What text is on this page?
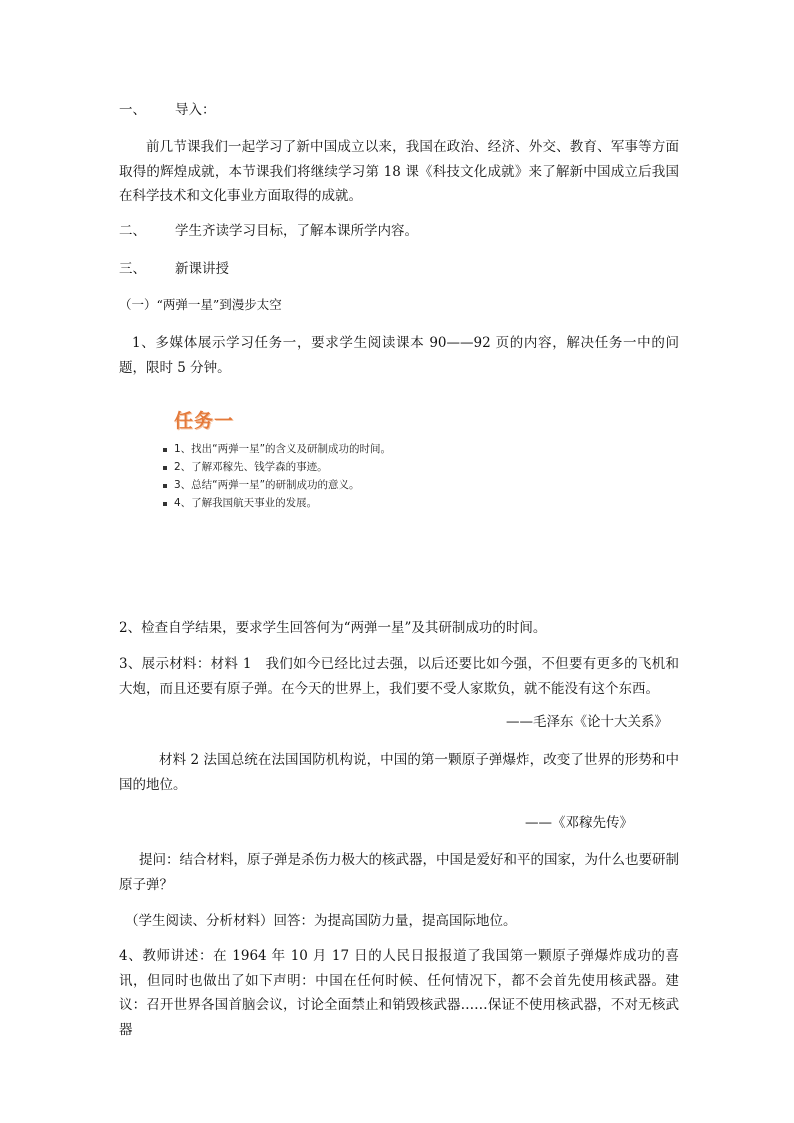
一、 导入：
前几节课我们一起学习了新中国成立以来，我国在政治、经济、外交、教育、军事等方面取得的辉煌成就，本节课我们将继续学习第 18 课《科技文化成就》来了解新中国成立后我国在科学技术和文化事业方面取得的成就。
二、 学生齐读学习目标，了解本课所学内容。
三、 新课讲授
（一）“两弹一星”到漫步太空
1、多媒体展示学习任务一，要求学生阅读课本 90——92 页的内容，解决任务一中的问题，限时 5 分钟。
任务一
1、找出“两弹一星”的含义及研制成功的时间。
2、了解邓稼先、钱学森的事迹。
3、总结“两弹一星”的研制成功的意义。
4、了解我国航天事业的发展。
2、检查自学结果，要求学生回答何为“两弹一星”及其研制成功的时间。
3、展示材料：材料 1　我们如今已经比过去强，以后还要比如今强，不但要有更多的飞机和大炮，而且还要有原子弹。在今天的世界上，我们要不受人家欺负，就不能没有这个东西。
——毛泽东《论十大关系》
材料 2 法国总统在法国国防机构说，中国的第一颗原子弹爆炸，改变了世界的形势和中国的地位。
——《邓稼先传》
提问：结合材料，原子弹是杀伤力极大的核武器，中国是爱好和平的国家，为什么也要研制原子弹？
（学生阅读、分析材料）回答：为提高国防力量，提高国际地位。
4、教师讲述：在 1964 年 10 月 17 日的人民日报报道了我国第一颗原子弹爆炸成功的喜讯，但同时也做出了如下声明：中国在任何时候、任何情况下，都不会首先使用核武器。建议：召开世界各国首脑会议，讨论全面禁止和销毁核武器……保证不使用核武器，不对无核武器
